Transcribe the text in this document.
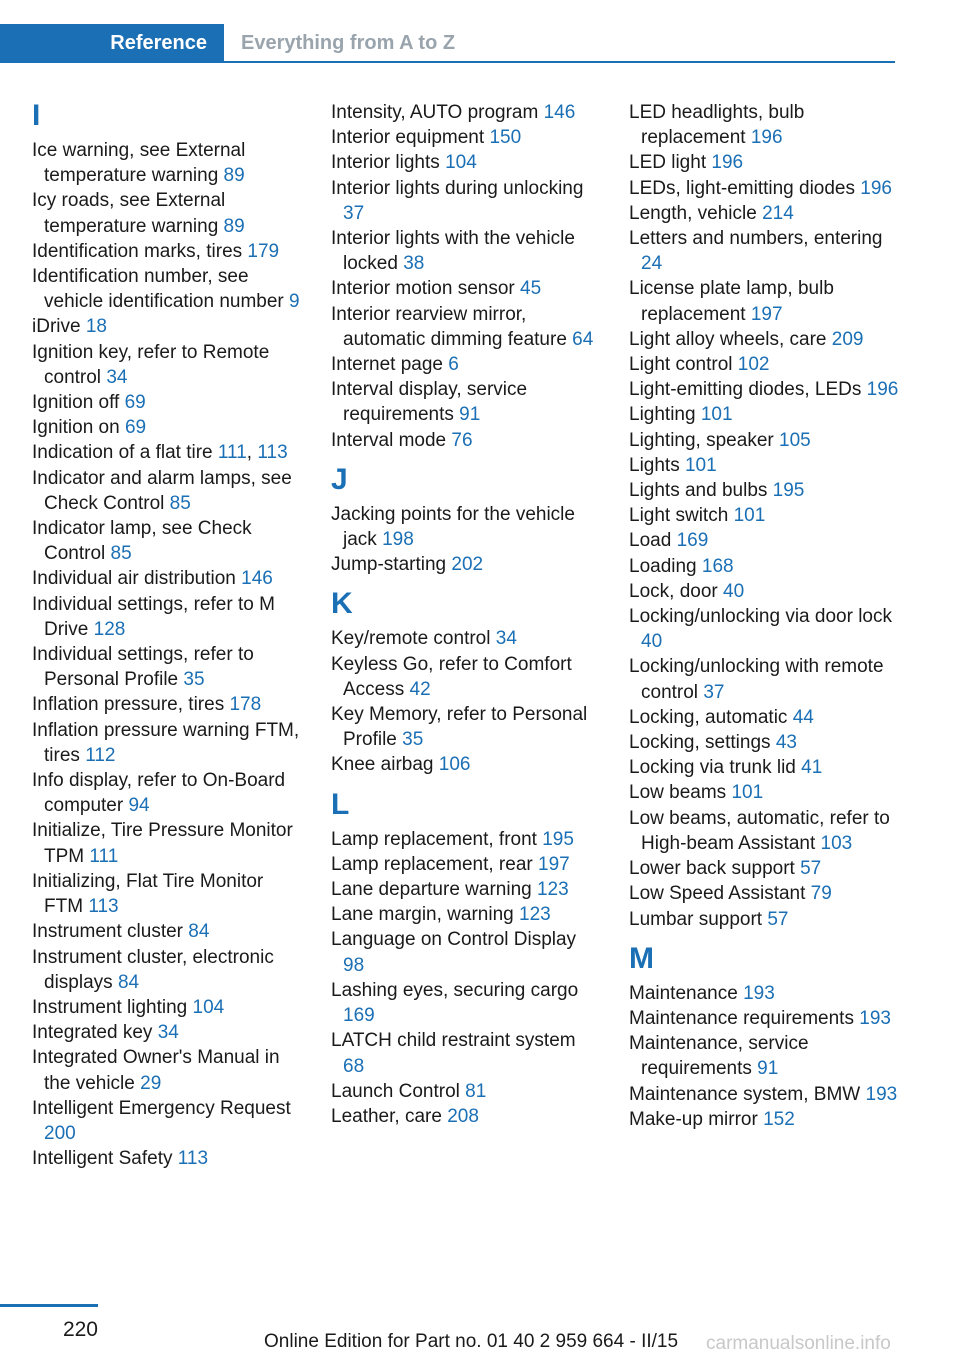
Reference	Everything from A to Z
I

Ice warning, see External temperature warning 89

Icy roads, see External temperature warning 89

Identification marks, tires 179

Identification number, see vehicle identification number 9

iDrive 18

Ignition key, refer to Remote control 34

Ignition off 69

Ignition on 69

Indication of a flat tire 111, 113

Indicator and alarm lamps, see Check Control 85

Indicator lamp, see Check Control 85

Individual air distribution 146

Individual settings, refer to M Drive 128

Individual settings, refer to Personal Profile 35

Inflation pressure, tires 178

Inflation pressure warning FTM, tires 112

Info display, refer to On-Board computer 94

Initialize, Tire Pressure Monitor TPM 111

Initializing, Flat Tire Monitor FTM 113

Instrument cluster 84

Instrument cluster, electronic displays 84

Instrument lighting 104

Integrated key 34

Integrated Owner's Manual in the vehicle 29

Intelligent Emergency Request 200

Intelligent Safety 113

Intensity, AUTO program 146

Interior equipment 150

Interior lights 104

Interior lights during unlocking 37

Interior lights with the vehicle locked 38

Interior motion sensor 45

Interior rearview mirror, automatic dimming feature 64

Internet page 6

Interval display, service requirements 91

Interval mode 76

J

Jacking points for the vehicle jack 198

Jump-starting 202

K

Key/remote control 34

Keyless Go, refer to Comfort Access 42

Key Memory, refer to Personal Profile 35

Knee airbag 106

L

Lamp replacement, front 195

Lamp replacement, rear 197

Lane departure warning 123

Lane margin, warning 123

Language on Control Display 98

Lashing eyes, securing cargo 169

LATCH child restraint system 68

Launch Control 81

Leather, care 208

LED headlights, bulb replacement 196

LED light 196

LEDs, light-emitting diodes 196

Length, vehicle 214

Letters and numbers, entering 24

License plate lamp, bulb replacement 197

Light alloy wheels, care 209

Light control 102

Light-emitting diodes, LEDs 196

Lighting 101

Lighting, speaker 105

Lights 101

Lights and bulbs 195

Light switch 101

Load 169

Loading 168

Lock, door 40

Locking/unlocking via door lock 40

Locking/unlocking with remote control 37

Locking, automatic 44

Locking, settings 43

Locking via trunk lid 41

Low beams 101

Low beams, automatic, refer to High-beam Assistant 103

Lower back support 57

Low Speed Assistant 79

Lumbar support 57

M

Maintenance 193

Maintenance requirements 193

Maintenance, service requirements 91

Maintenance system, BMW 193

Make-up mirror 152

220
Online Edition for Part no. 01 40 2 959 664 - II/15 carmanualsonline.info
